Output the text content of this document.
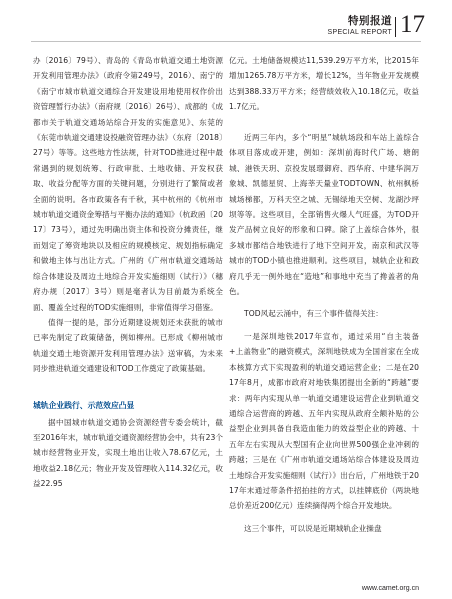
特别报道
SPECIAL REPORT 17

办〔2016〕79号）、青岛的《青岛市轨道交通土地资源开发利用管理办法》（政府令第249号，2016）、南宁的《南宁市城市轨道交通综合开发建设用地使用权作价出资管理暂行办法》（南府规〔2016〕26号）、成都的《成都市关于轨道交通场站综合开发的实施意见》、东莞的《东莞市轨道交通建设投融资管理办法》（东府〔2018〕27号）等等。这些地方性法规，针对TOD推进过程中最常遇到的规划统筹、行政审批、土地收储、开发权获取、收益分配等方面的关键问题，分别进行了繁简或者全面的说明。各市政策各有千秋，其中杭州的《杭州市城市轨道交通资金筹措与平衡办法的通知》（杭政函〔2017〕73号），通过先明确出资主体和投资分摊责任，继而划定了筹资地块以及相应的规模核定、规划指标确定和做地主体与出让方式。广州的《广州市轨道交通场站综合体建设及周边土地综合开发实施细则（试行）》（穗府办规〔2017〕3号）则是毫者认为目前最为系统全面、覆盖全过程的TOD实施细则，非常值得学习借鉴。

值得一提的是，部分近期建设规划还未获批的城市已率先制定了政策储备，例如柳州。已形成《柳州城市轨道交通土地资源开发利用管理办法》送审稿，为未来同步推进轨道交通建设和TOD工作奠定了政策基础。

城轨企业践行、示范效应凸显

据中国城市轨道交通协会资源经营专委会统计，截至2016年末，城市轨道交通资源经营协会中，共有23个城市经营物业开发，实现土地出让收入78.67亿元，土地收益2.18亿元；物业开发及管理收入114.32亿元，收益22.95

亿元。土地储备规模达11,539.29万平方米，比2015年增加1265.78万平方米，增长12%，当年物业开发规模达到388.33万平方米；经营绩效收入10.18亿元，收益1.7亿元。

近两三年内，多个“明星”城轨场段和车站上盖综合体项目落成或开建，例如：深圳前海时代广场、塘朗城、港铁天玥、京投发展璟御府、西华府、中建华润万象城、凯德星贸、上海莘天量业TODTOWN、杭州枫桥城场梯都，万科天空之城、无锡绿地天空树、龙湖沙坪坝等等。这些项目，全部销售火爆人气旺盛，为TOD开发产品树立良好的形象和口碑。除了上盖综合体外，很多城市都结合地铁进行了地下空间开发，南京和武汉等城市的TOD小镇也推进顺利。这些项目，城轨企业和政府几乎无一例外地在“造地”和事地中充当了搀盖者的角色。

TOD风起云涌中，有三个事件值得关注：

一是深圳地铁2017年宣布，通过采用“自主装备+上盖物业”的融资模式，深圳地铁成为全国首家在全成本核算方式下实现盈利的轨道交通运营企业；二是在2017年8月，成都市政府对地铁集团提出全新的“跨越”要求：两年内实现从单一轨道交通建设运营企业到轨道交通综合运营商的跨越、五年内实现从政府全额补贴的公益型企业到具备自我造血能力的效益型企业的跨越、十五年左右实现从大型国有企业向世界500强企业冲刺的跨越；三是在《广州市轨道交通场站综合体建设及周边土地综合开发实施细则（试行）》出台后，广州地铁于2017年末通过带条件招拍挂的方式，以挂牌底价（两块地总价差近200亿元）连续摘得两个综合开发地块。

这三个事件，可以说是近期城轨企业操盘

www.camet.org.cn
